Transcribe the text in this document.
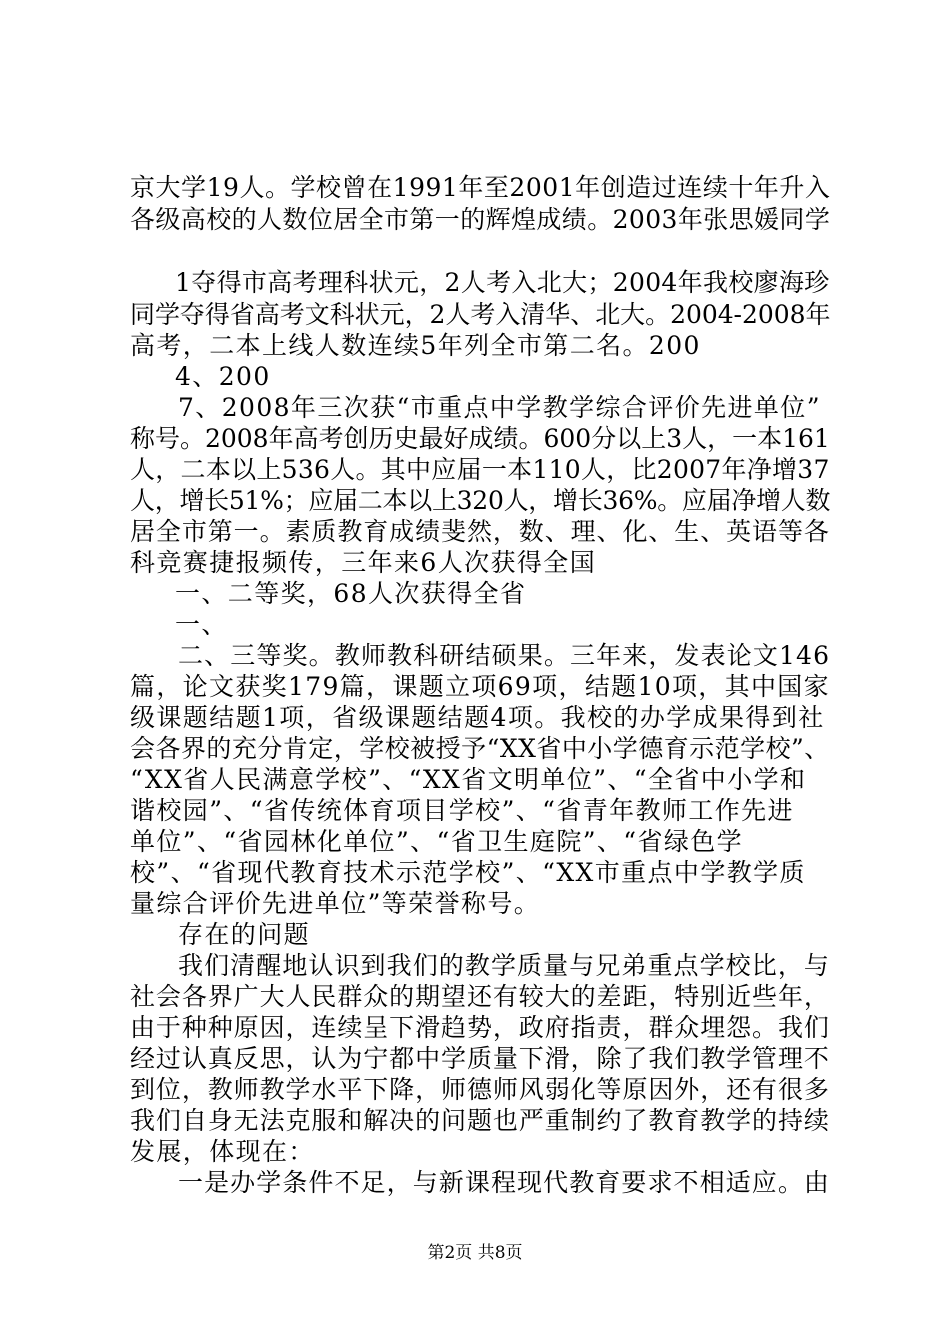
京大学19人。学校曾在1991年至2001年创造过连续十年升入
各级高校的人数位居全市第一的辉煌成绩。2003年张思媛同学
1夺得市高考理科状元，2人考入北大；2004年我校廖海珍
同学夺得省高考文科状元，2人考入清华、北大。2004-2008年
高考，二本上线人数连续5年列全市第二名。200
4、200
7、2008年三次获“市重点中学教学综合评价先进单位”
称号。2008年高考创历史最好成绩。600分以上3人，一本161
人，二本以上536人。其中应届一本110人，比2007年净增37
人，增长51%；应届二本以上320人，增长36%。应届净增人数
居全市第一。素质教育成绩斐然，数、理、化、生、英语等各
科竞赛捷报频传，三年来6人次获得全国
一、二等奖，68人次获得全省
一、
二、三等奖。教师教科研结硕果。三年来，发表论文146
篇，论文获奖179篇，课题立项69项，结题10项，其中国家
级课题结题1项，省级课题结题4项。我校的办学成果得到社
会各界的充分肯定，学校被授予“XX省中小学德育示范学校”、
“XX省人民满意学校”、“XX省文明单位”、“全省中小学和
谐校园”、“省传统体育项目学校”、“省青年教师工作先进
单位”、“省园林化单位”、“省卫生庭院”、“省绿色学
校”、“省现代教育技术示范学校”、“XX市重点中学教学质
量综合评价先进单位”等荣誉称号。
存在的问题
我们清醒地认识到我们的教学质量与兄弟重点学校比，与
社会各界广大人民群众的期望还有较大的差距，特别近些年，
由于种种原因，连续呈下滑趋势，政府指责，群众埋怨。我们
经过认真反思，认为宁都中学质量下滑，除了我们教学管理不
到位，教师教学水平下降，师德师风弱化等原因外，还有很多
我们自身无法克服和解决的问题也严重制约了教育教学的持续
发展，体现在：
一是办学条件不足，与新课程现代教育要求不相适应。由
第2页 共8页
